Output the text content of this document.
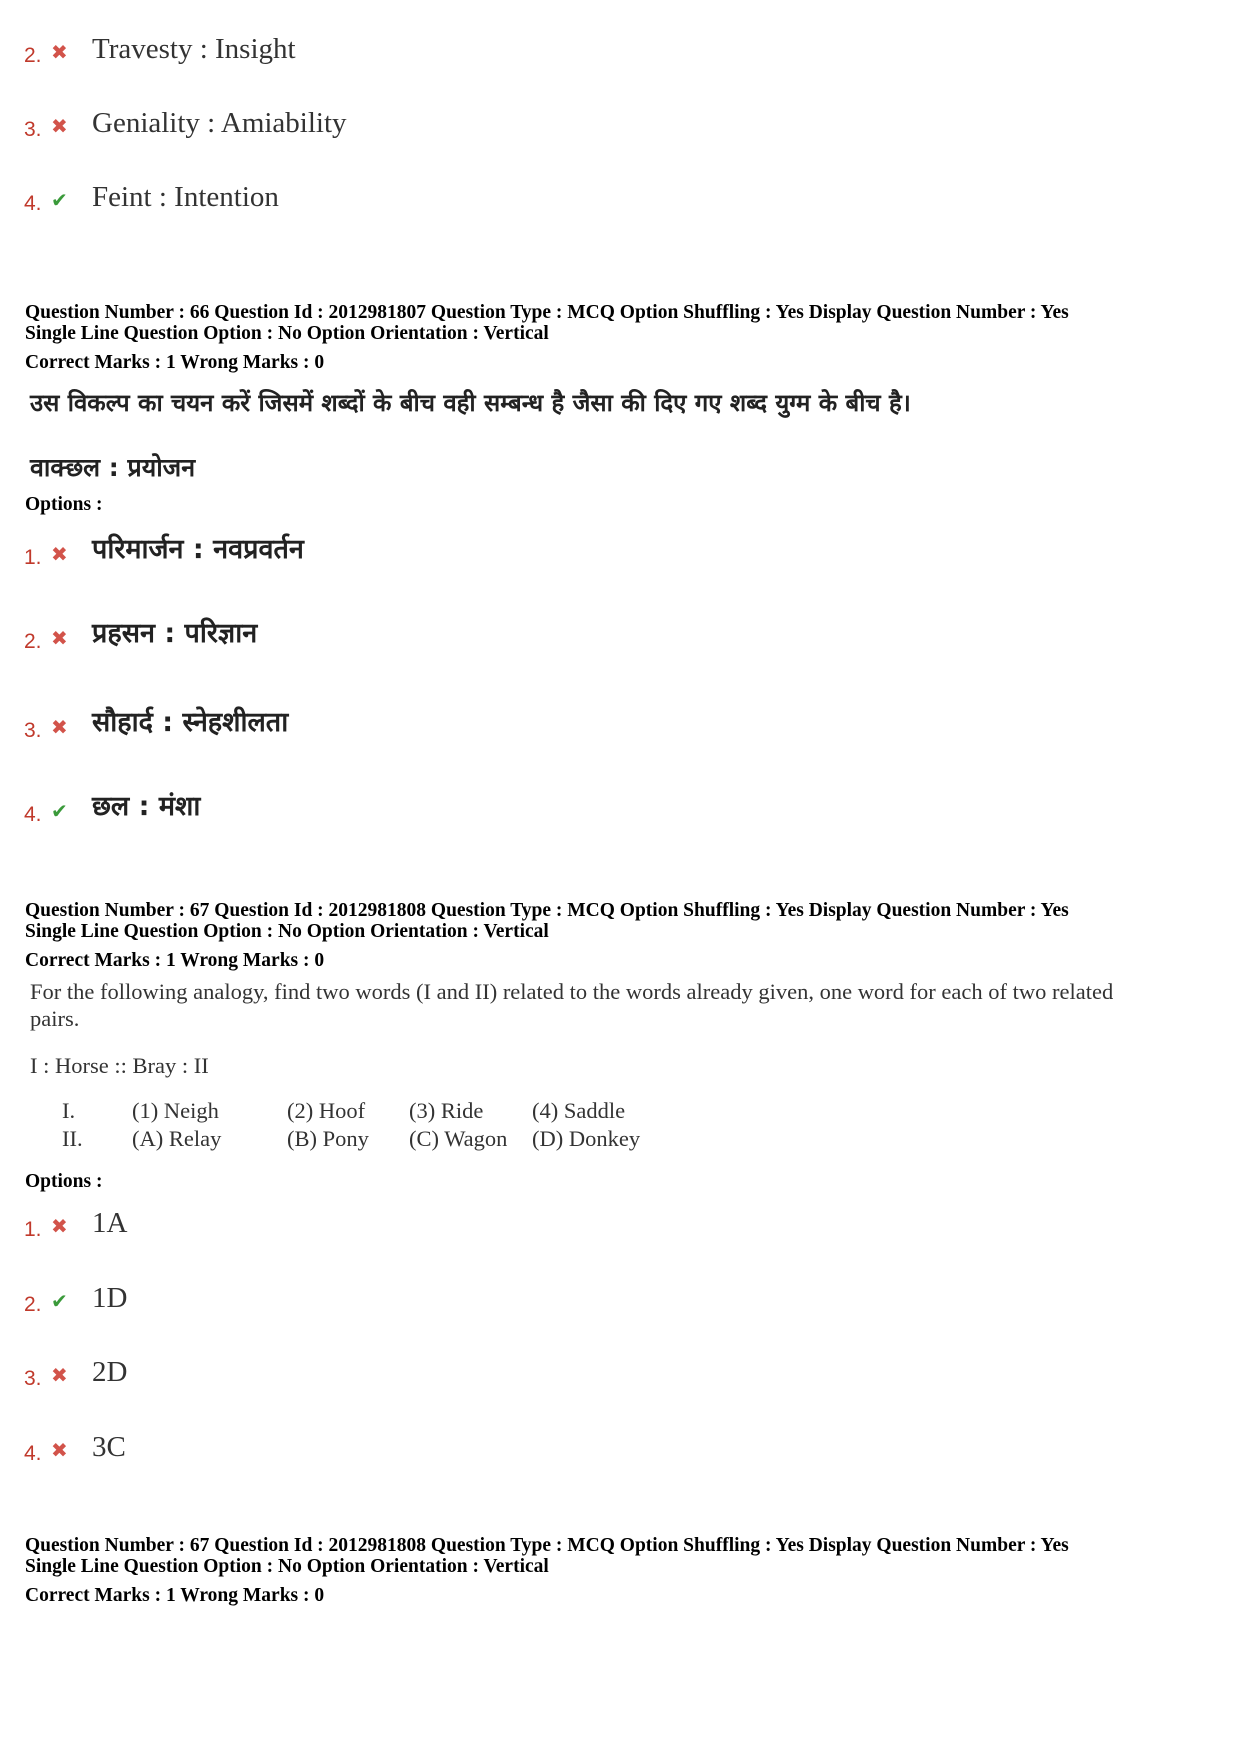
2. ✖ Travesty : Insight
3. ✖ Geniality : Amiability
4. ✔ Feint : Intention
Question Number : 66 Question Id : 2012981807 Question Type : MCQ Option Shuffling : Yes Display Question Number : Yes
Single Line Question Option : No Option Orientation : Vertical
Correct Marks : 1 Wrong Marks : 0
उस विकल्प का चयन करें जिसमें शब्दों के बीच वही सम्बन्ध है जैसा की दिए गए शब्द युग्म के बीच है।
वाक्छल : प्रयोजन
Options :
1. ✖ परिमार्जन : नवप्रवर्तन
2. ✖ प्रहसन : परिज्ञान
3. ✖ सौहार्द : स्नेहशीलता
4. ✔ छल : मंशा
Question Number : 67 Question Id : 2012981808 Question Type : MCQ Option Shuffling : Yes Display Question Number : Yes
Single Line Question Option : No Option Orientation : Vertical
Correct Marks : 1 Wrong Marks : 0
For the following analogy, find two words (I and II) related to the words already given, one word for each of two related
pairs.
I : Horse :: Bray : II
I.	(1) Neigh	(2) Hoof (3) Ride (4) Saddle
II. (A) Relay	(B) Pony (C) Wagon (D) Donkey
Options :
1. ✖ 1A
2. ✔ 1D
3. ✖ 2D
4. ✖ 3C
Question Number : 67 Question Id : 2012981808 Question Type : MCQ Option Shuffling : Yes Display Question Number : Yes
Single Line Question Option : No Option Orientation : Vertical
Correct Marks : 1 Wrong Marks : 0
